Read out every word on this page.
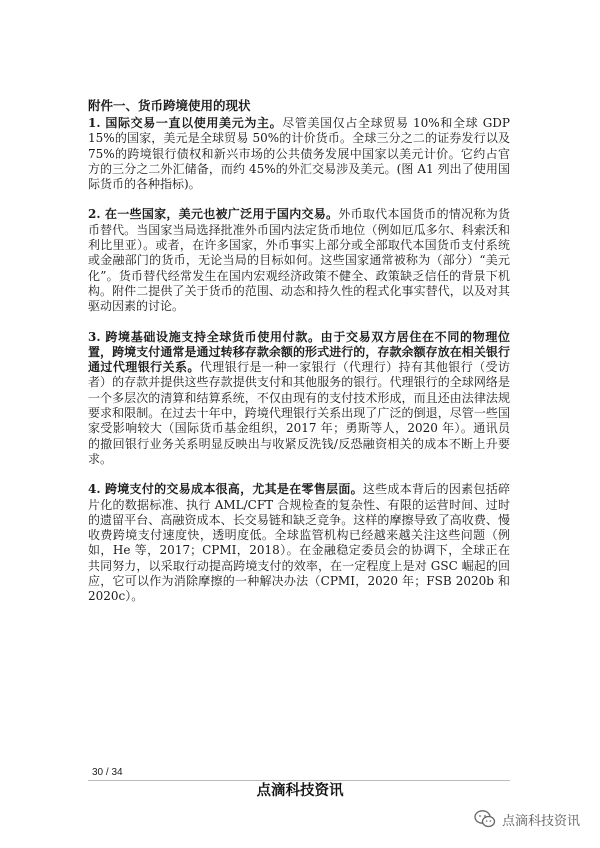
附件一、货币跨境使用的现状

1. 国际交易一直以使用美元为主。尽管美国仅占全球贸易 10%和全球 GDP 15%的国家，美元是全球贸易 50%的计价货币。全球三分之二的证券发行以及 75%的跨境银行债权和新兴市场的公共债务发展中国家以美元计价。它约占官方的三分之二外汇储备，而约 45%的外汇交易涉及美元。(图 A1 列出了使用国际货币的各种指标)。

2. 在一些国家，美元也被广泛用于国内交易。外币取代本国货币的情况称为货币替代。当国家当局选择批准外币国内法定货币地位（例如厄瓜多尔、科索沃和利比里亚）。或者，在许多国家，外币事实上部分或全部取代本国货币支付系统或金融部门的货币，无论当局的目标如何。这些国家通常被称为（部分）“美元化”。货币替代经常发生在国内宏观经济政策不健全、政策缺乏信任的背景下机构。附件二提供了关于货币的范围、动态和持久性的程式化事实替代，以及对其驱动因素的讨论。

3. 跨境基础设施支持全球货币使用付款。由于交易双方居住在不同的物理位置，跨境支付通常是通过转移存款余额的形式进行的，存款余额存放在相关银行通过代理银行关系。代理银行是一种一家银行（代理行）持有其他银行（受访者）的存款并提供这些存款提供支付和其他服务的银行。代理银行的全球网络是一个多层次的清算和结算系统，不仅由现有的支付技术形成，而且还由法律法规要求和限制。在过去十年中，跨境代理银行关系出现了广泛的倒退，尽管一些国家受影响较大（国际货币基金组织，2017 年；勇斯等人，2020 年）。通讯员的撤回银行业务关系明显反映出与收紧反洗钱/反恐融资相关的成本不断上升要求。

4. 跨境支付的交易成本很高，尤其是在零售层面。这些成本背后的因素包括碎片化的数据标准、执行 AML/CFT 合规检查的复杂性、有限的运营时间、过时的遗留平台、高融资成本、长交易链和缺乏竞争。这样的摩擦导致了高收费、慢收费跨境支付速度快，透明度低。全球监管机构已经越来越关注这些问题（例如，He 等，2017；CPMI，2018）。在金融稳定委员会的协调下，全球正在共同努力，以采取行动提高跨境支付的效率，在一定程度上是对 GSC 崛起的回应，它可以作为消除摩擦的一种解决办法（CPMI，2020 年；FSB 2020b 和 2020c）。

30 / 34
点滴科技资讯
点滴科技资讯
